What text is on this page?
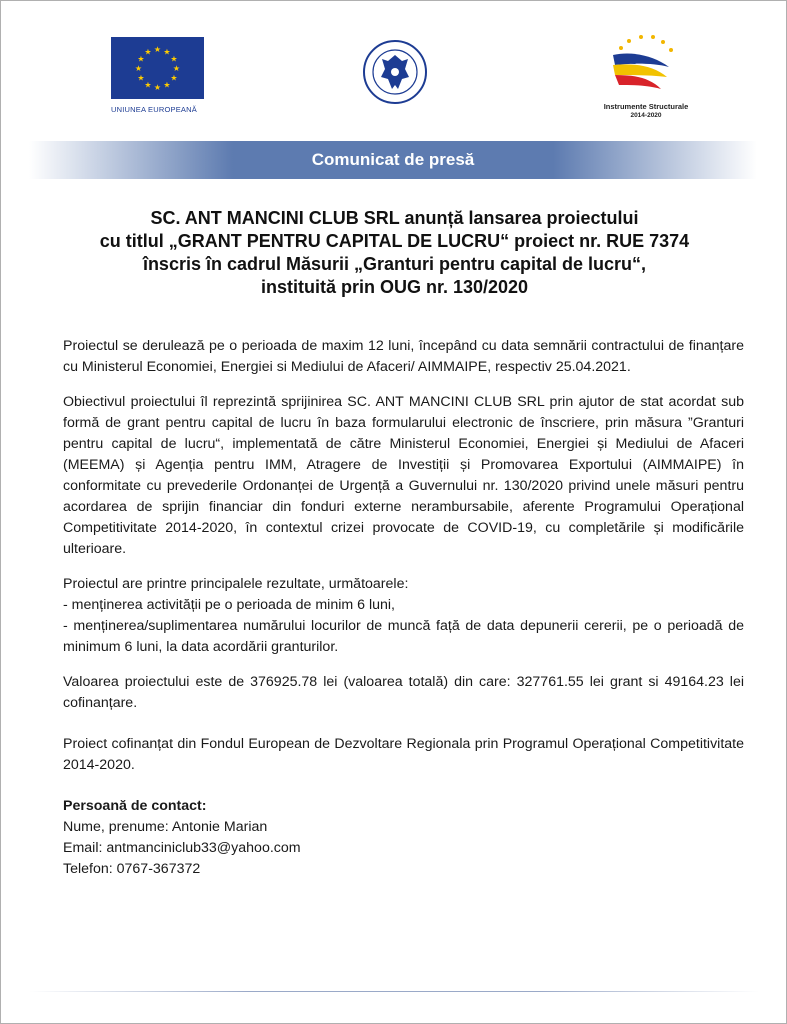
★ ★
★
★
★
★
★
★
★
★
★
★
UNIUNEA EUROPEANĂ	Instrumente Structurale
2014-2020
Comunicat de presă
SC. ANT MANCINI CLUB SRL anunță lansarea proiectului
cu titlul „GRANT PENTRU CAPITAL DE LUCRU“ proiect nr. RUE 7374
înscris în cadrul Măsurii „Granturi pentru capital de lucru“,
instituită prin OUG nr. 130/2020

Proiectul se derulează pe o perioada de maxim 12 luni, începând cu data semnării contractului de finanțare cu Ministerul Economiei, Energiei si Mediului de Afaceri/ AIMMAIPE, respectiv 25.04.2021.

Obiectivul proiectului îl reprezintă sprijinirea SC. ANT MANCINI CLUB SRL prin ajutor de stat acordat sub formă de grant pentru capital de lucru în baza formularului electronic de înscriere, prin măsura ”Granturi pentru capital de lucru“, implementată de către Ministerul Economiei, Energiei și Mediului de Afaceri (MEEMA) și Agenția pentru IMM, Atragere de Investiții și Promovarea Exportului (AIMMAIPE) în conformitate cu prevederile Ordonanței de Urgență a Guvernului nr. 130/2020 privind unele măsuri pentru acordarea de sprijin financiar din fonduri externe nerambursabile, aferente Programului Operațional Competitivitate 2014-2020, în contextul crizei provocate de COVID-19, cu completările și modificările ulterioare.

Proiectul are printre principalele rezultate, următoarele:

- menținerea activității pe o perioada de minim 6 luni,

- menținerea/suplimentarea numărului locurilor de muncă față de data depunerii cererii, pe o perioadă de minimum 6 luni, la data acordării granturilor.

Valoarea proiectului este de 376925.78 lei (valoarea totală) din care: 327761.55 lei grant si 49164.23 lei cofinanțare.

Proiect cofinanțat din Fondul European de Dezvoltare Regionala prin Programul Operațional Competitivitate 2014-2020.

Persoană de contact:

Nume, prenume: Antonie Marian

Email: antmanciniclub33@yahoo.com

Telefon: 0767-367372
